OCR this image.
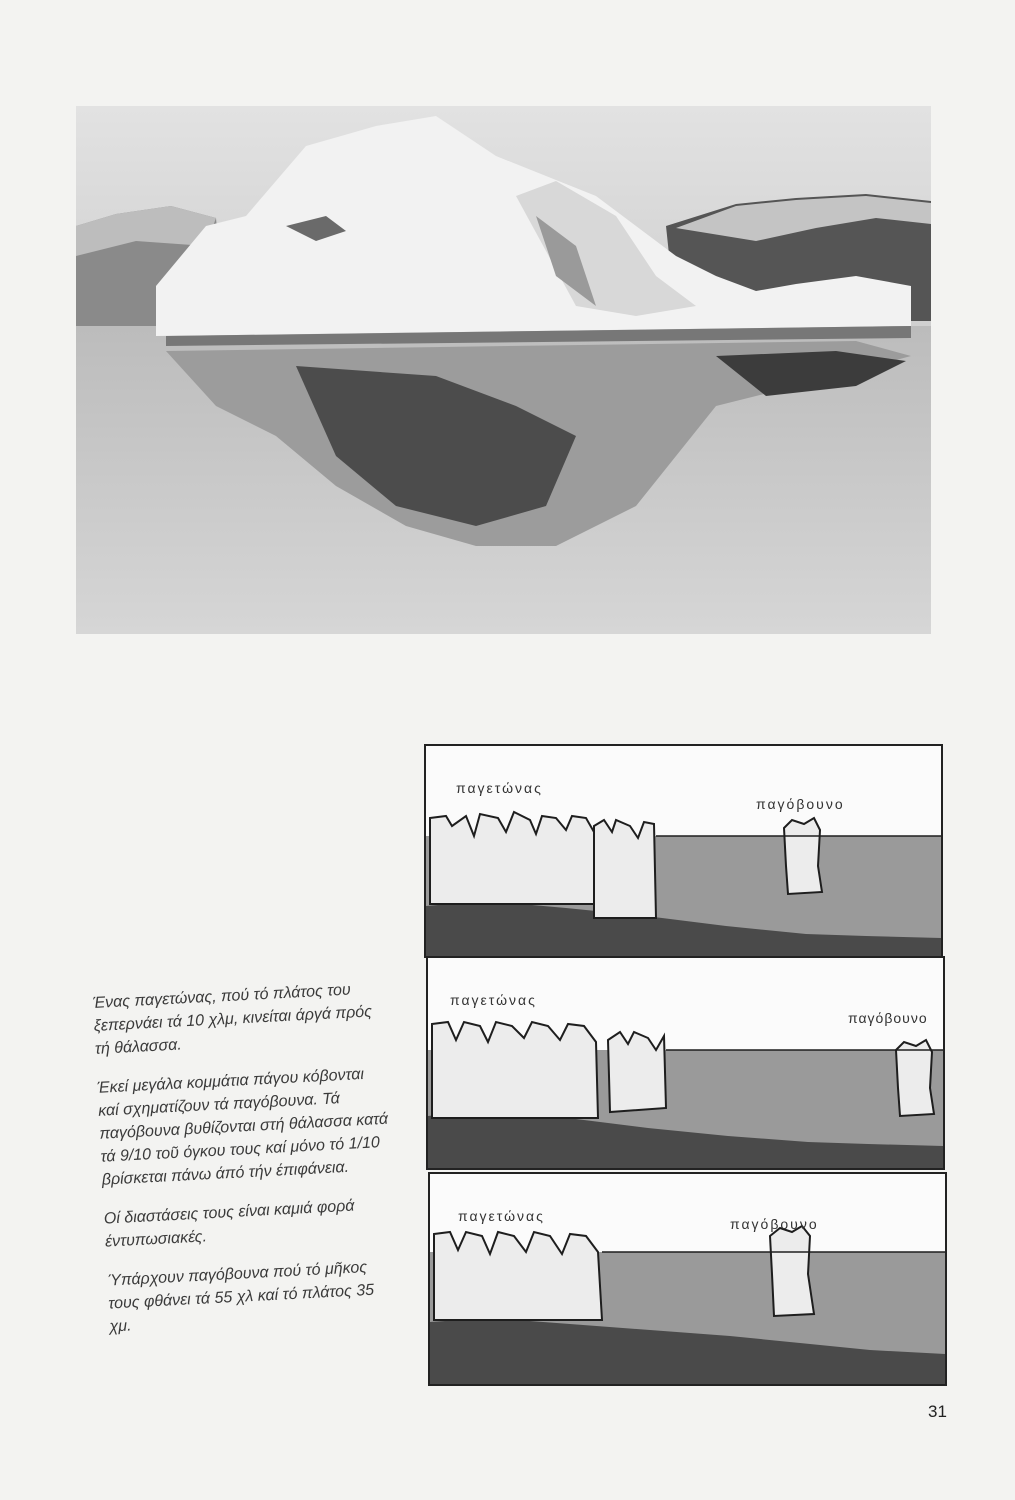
Ένας παγετώνας, πού τό πλάτος του ξεπερνάει τά 10 χλμ, κινείται άργά πρός τή θάλασσα.

Έκεί μεγάλα κομμάτια πάγου κόβονται καί σχηματίζουν τά παγόβουνα. Τά παγόβουνα βυθίζονται στή θάλασσα κατά τά 9/10 τοῦ όγκου τους καί μόνο τό 1/10 βρίσκεται πάνω άπό τήν έπιφάνεια.

Οί διαστάσεις τους είναι καμιά φορά έντυπωσιακές.

Ύπάρχουν παγόβουνα πού τό μῆκος τους φθάνει τά 55 χλ καί τό πλάτος 35 χμ.

παγετώνας
παγόβουνο
παγετώνας
παγόβουνο
παγετώνας	παγόβουνο
31
